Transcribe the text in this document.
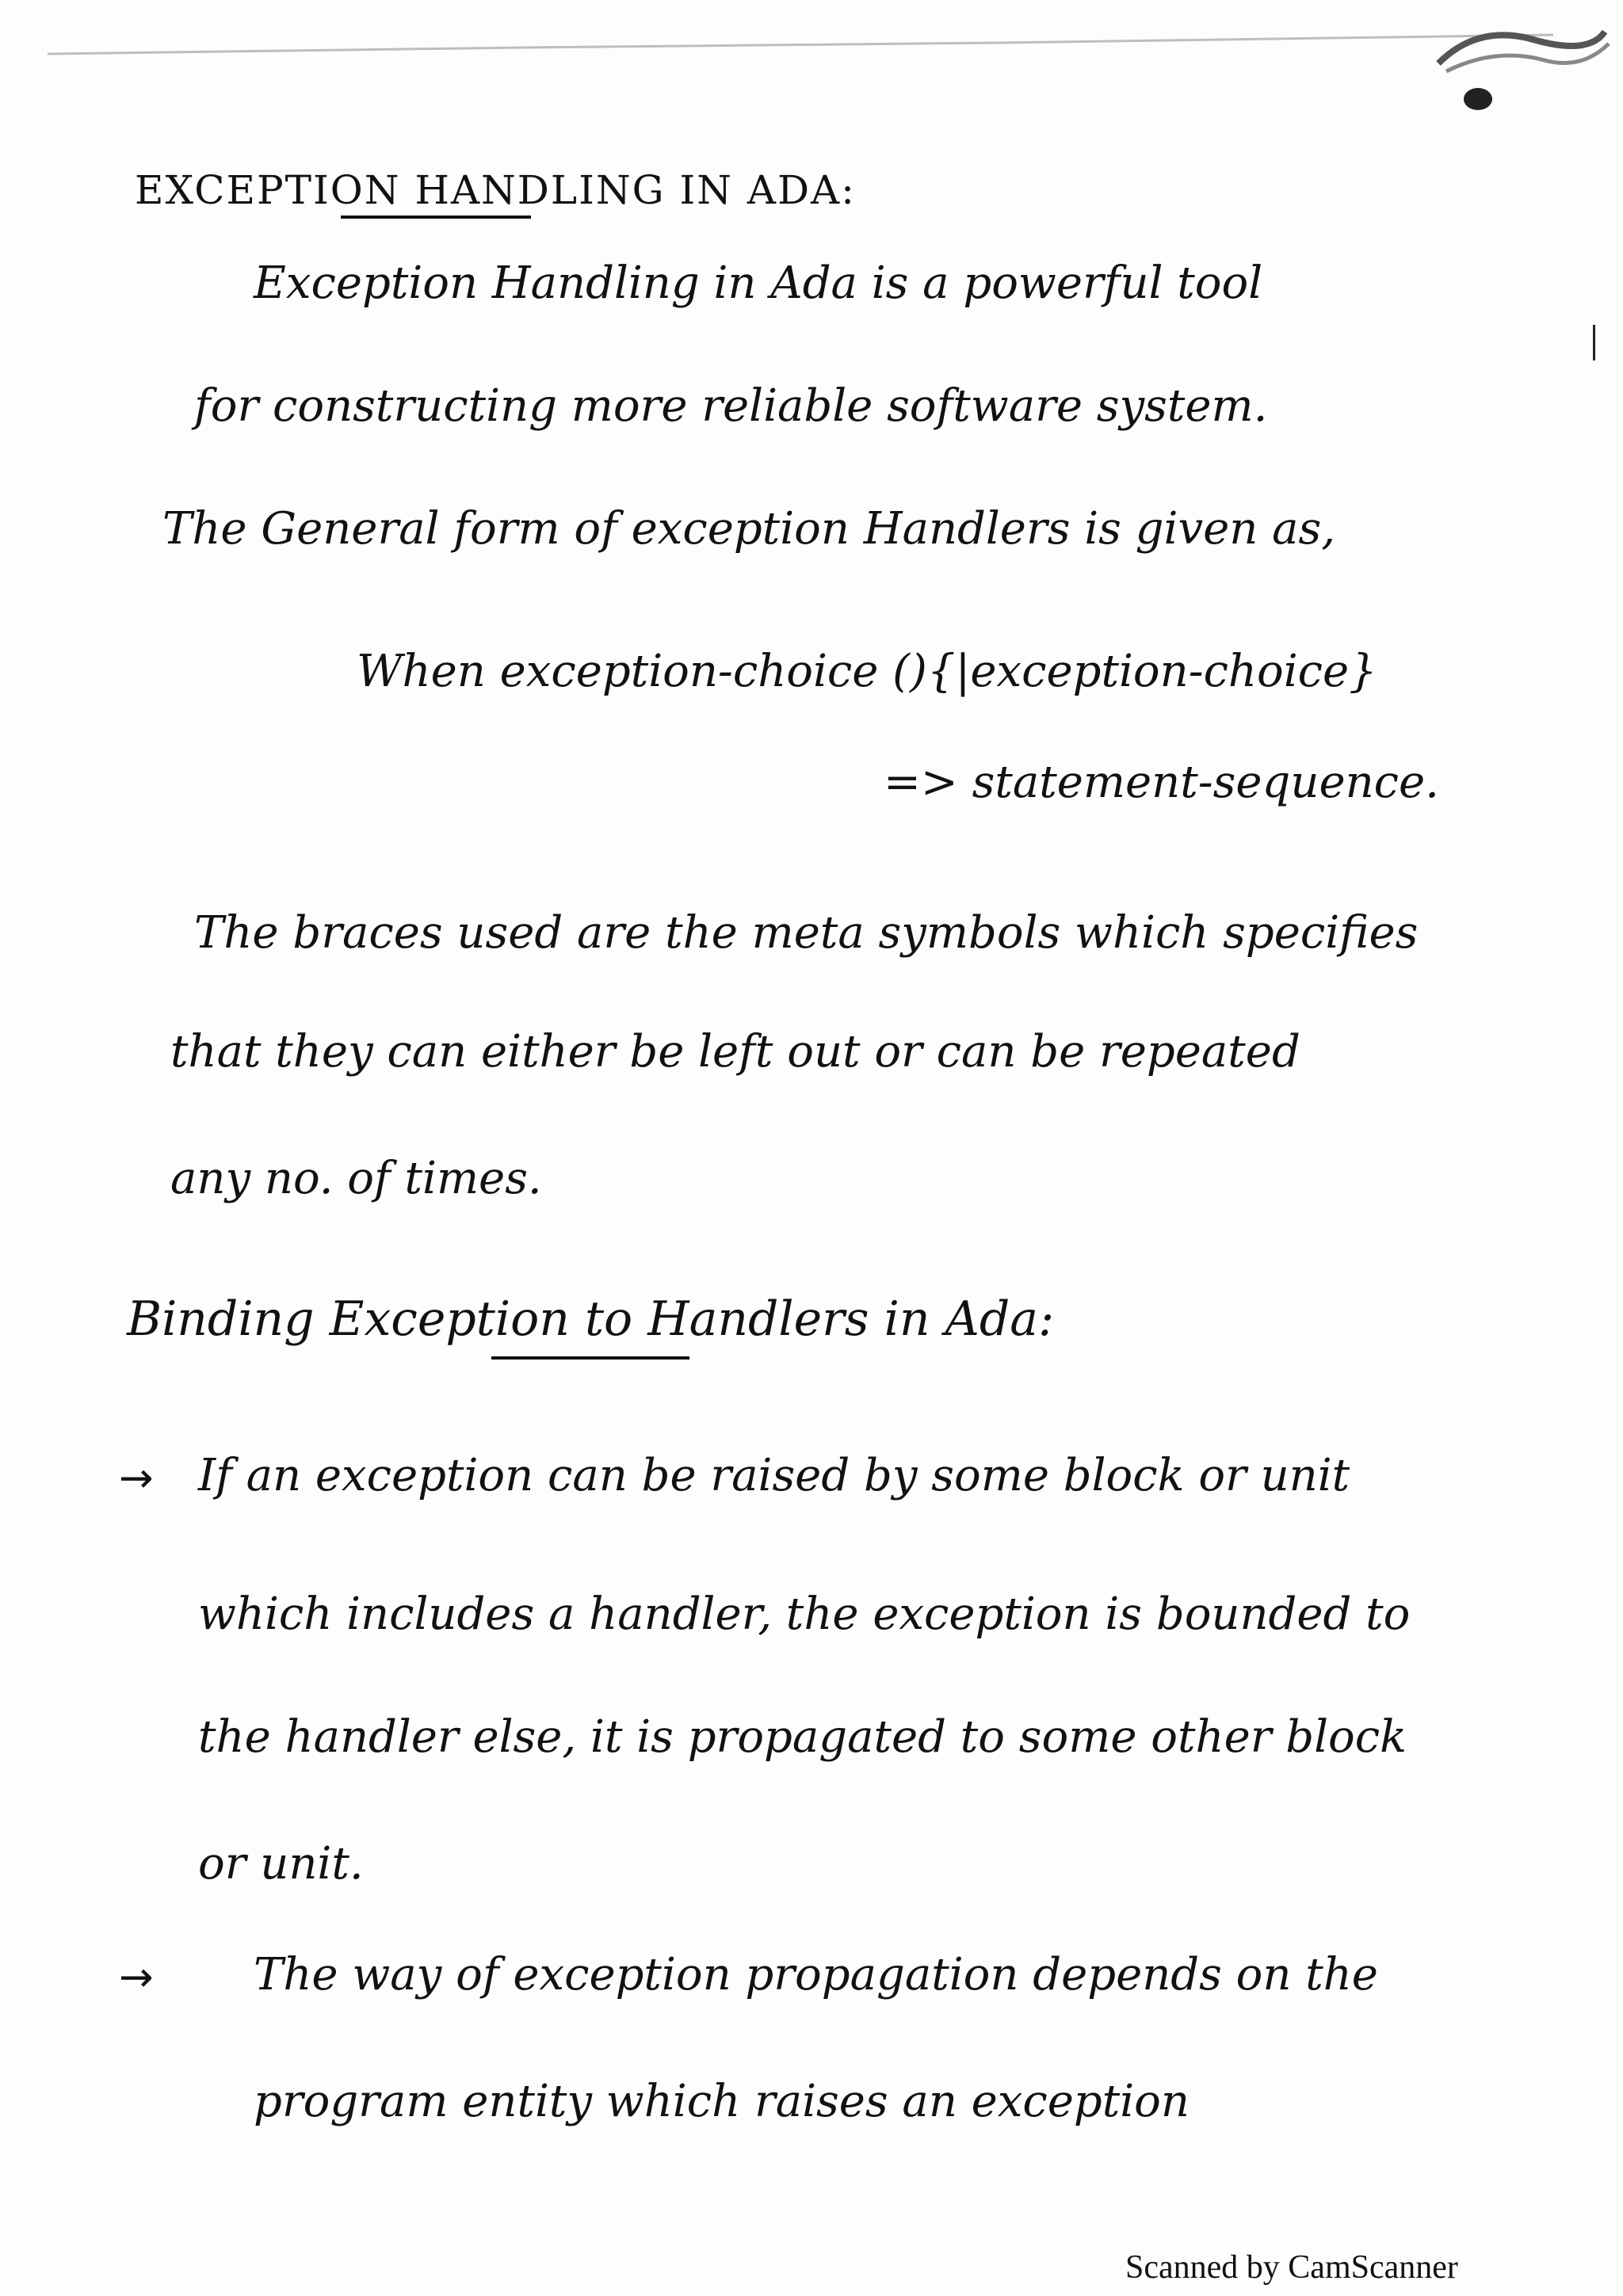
EXCEPTION HANDLING IN ADA:
Exception Handling in Ada is a powerful tool
for constructing more reliable software system.
The General form of exception Handlers is given as,
When exception-choice (){|exception-choice}
=> statement-sequence.
The braces used are the meta symbols which specifies
that they can either be left out or can be repeated
any no. of times.
Binding Exception to Handlers in Ada:
→ If an exception can be raised by some block or unit
which includes a handler, the exception is bounded to
the handler else, it is propagated to some other block
or unit.
→ The way of exception propagation depends on the
program entity which raises an exception
Scanned by CamScanner
